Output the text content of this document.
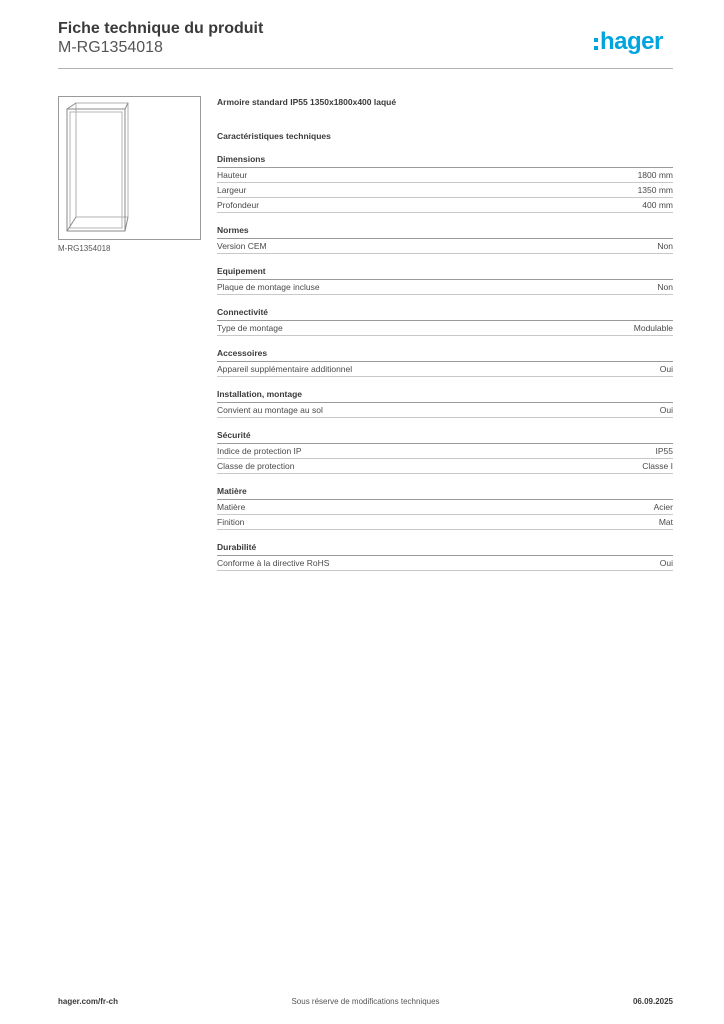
Fiche technique du produit
M-RG1354018	hager
M-RG1354018
Armoire standard IP55 1350x1800x400 laqué
Caractéristiques techniques
Dimensions
Hauteur	1800 mm
Largeur	1350 mm
Profondeur	400 mm
Normes
Version CEM	Non
Equipement
Plaque de montage incluse	Non
Connectivité
Type de montage	Modulable
Accessoires
Appareil supplémentaire additionnel	Oui
Installation, montage
Convient au montage au sol	Oui
Sécurité
Indice de protection IP	IP55
Classe de protection	Classe I
Matière
Matière	Acier
Finition	Mat
Durabilité
Conforme à la directive RoHS	Oui
hager.com/fr-ch	Sous réserve de modifications techniques	06.09.2025
